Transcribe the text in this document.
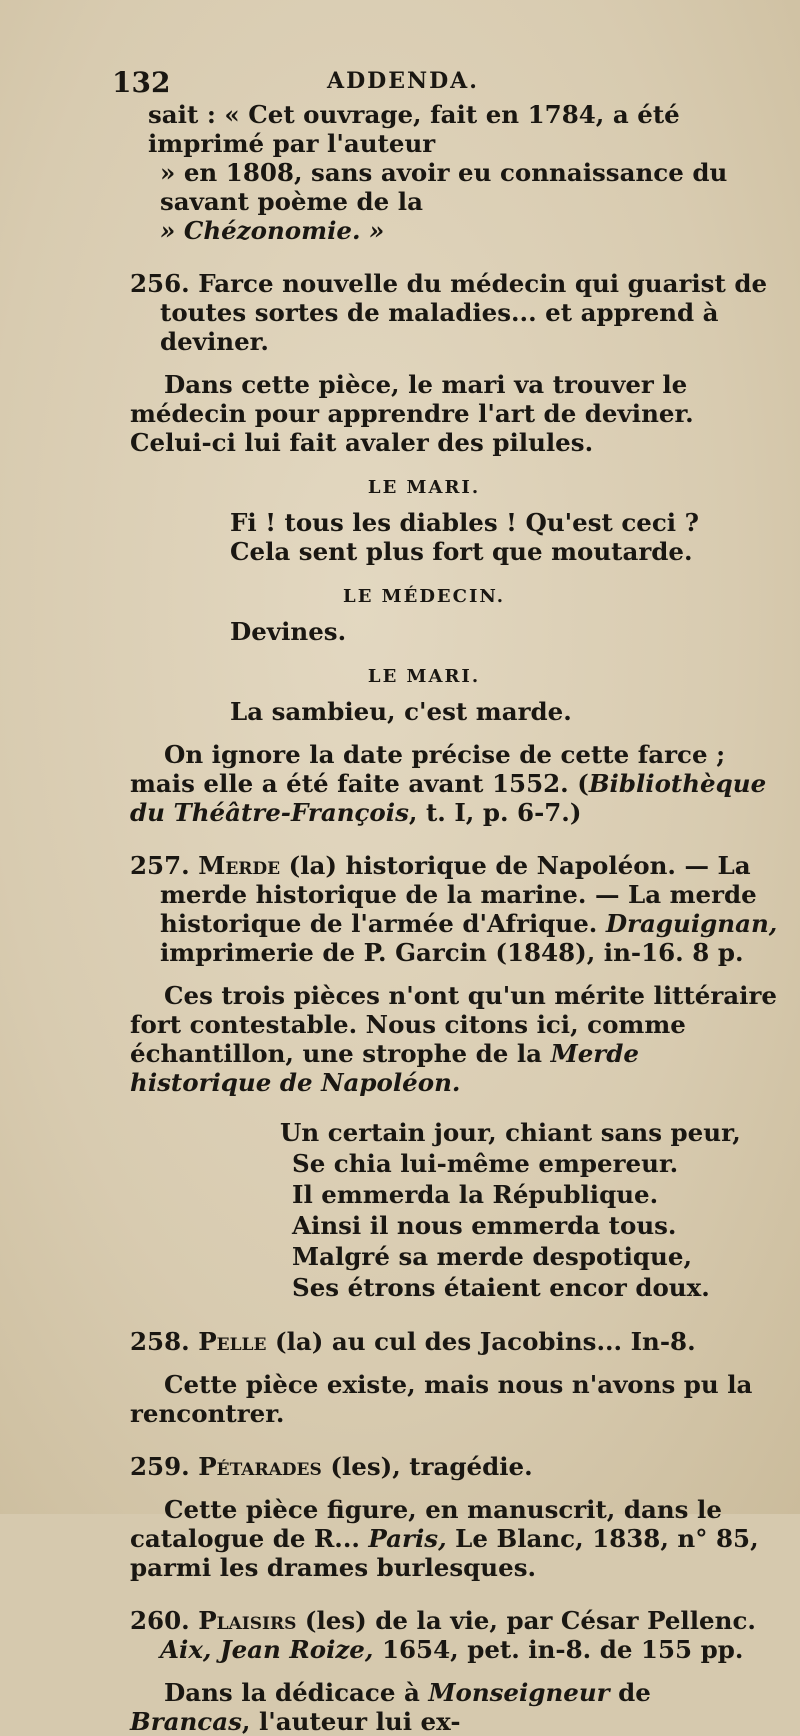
132	ADDENDA.

sait : « Cet ouvrage, fait en 1784, a été imprimé par l'auteur
» en 1808, sans avoir eu connaissance du savant poème de la
» Chézonomie. »

256. Farce nouvelle du médecin qui guarist de toutes sortes de maladies... et apprend à deviner.

Dans cette pièce, le mari va trouver le médecin pour apprendre l'art de deviner. Celui-ci lui fait avaler des pilules.

LE MARI.

Fi ! tous les diables ! Qu'est ceci ?

Cela sent plus fort que moutarde.

LE MÉDECIN.

Devines.

LE MARI.

La sambieu, c'est marde.

On ignore la date précise de cette farce ; mais elle a été faite avant 1552. (Bibliothèque du Théâtre-François, t. I, p. 6-7.)

257. Merde (la) historique de Napoléon. — La merde historique de la marine. — La merde historique de l'armée d'Afrique. Draguignan, imprimerie de P. Garcin (1848), in-16. 8 p.

Ces trois pièces n'ont qu'un mérite littéraire fort contestable. Nous citons ici, comme échantillon, une strophe de la Merde historique de Napoléon.

Un certain jour, chiant sans peur,
Se chia lui-même empereur.
Il emmerda la République.
Ainsi il nous emmerda tous.
Malgré sa merde despotique,
Ses étrons étaient encor doux.

258. Pelle (la) au cul des Jacobins... In-8.

Cette pièce existe, mais nous n'avons pu la rencontrer.

259. Pétarades (les), tragédie.

Cette pièce figure, en manuscrit, dans le catalogue de R... Paris, Le Blanc, 1838, n° 85, parmi les drames burlesques.

260. Plaisirs (les) de la vie, par César Pellenc. Aix, Jean Roize, 1654, pet. in-8. de 155 pp.

Dans la dédicace à Monseigneur de Brancas, l'auteur lui ex-
